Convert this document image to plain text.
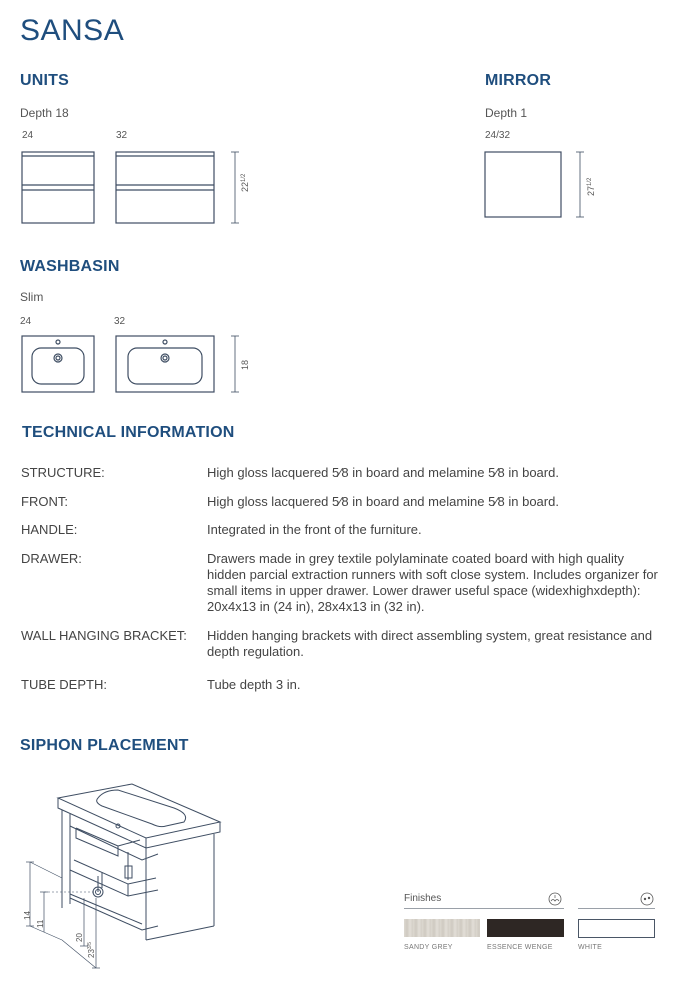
SANSA
UNITS
Depth 18
24	32
$22^{1/2}$
MIRROR
Depth 1
24/32
$27^{1/2}$
WASHBASIN
Slim
24	32
18
TECHNICAL INFORMATION
STRUCTURE:	High gloss lacquered 5⁄8 in board and melamine 5⁄8 in board.
FRONT:	High gloss lacquered 5⁄8 in board and melamine 5⁄8 in board.
HANDLE:	Integrated in the front of the furniture.
DRAWER:	Drawers made in grey textile polylaminate coated board with high quality hidden parcial extraction runners with soft close system. Includes organizer for small items in upper drawer. Lower drawer useful space (widexhighxdepth): 20x4x13 in (24 in), 28x4x13 in (32 in).
WALL HANGING BRACKET: Hidden hanging brackets with direct assembling system, great resistance and depth regulation.
TUBE DEPTH:	Tube depth 3 in.
SIPHON PLACEMENT
14
11
20
$23^{3/5}$
Finishes
SANDY GREY	ESSENCE WENGE	WHITE
